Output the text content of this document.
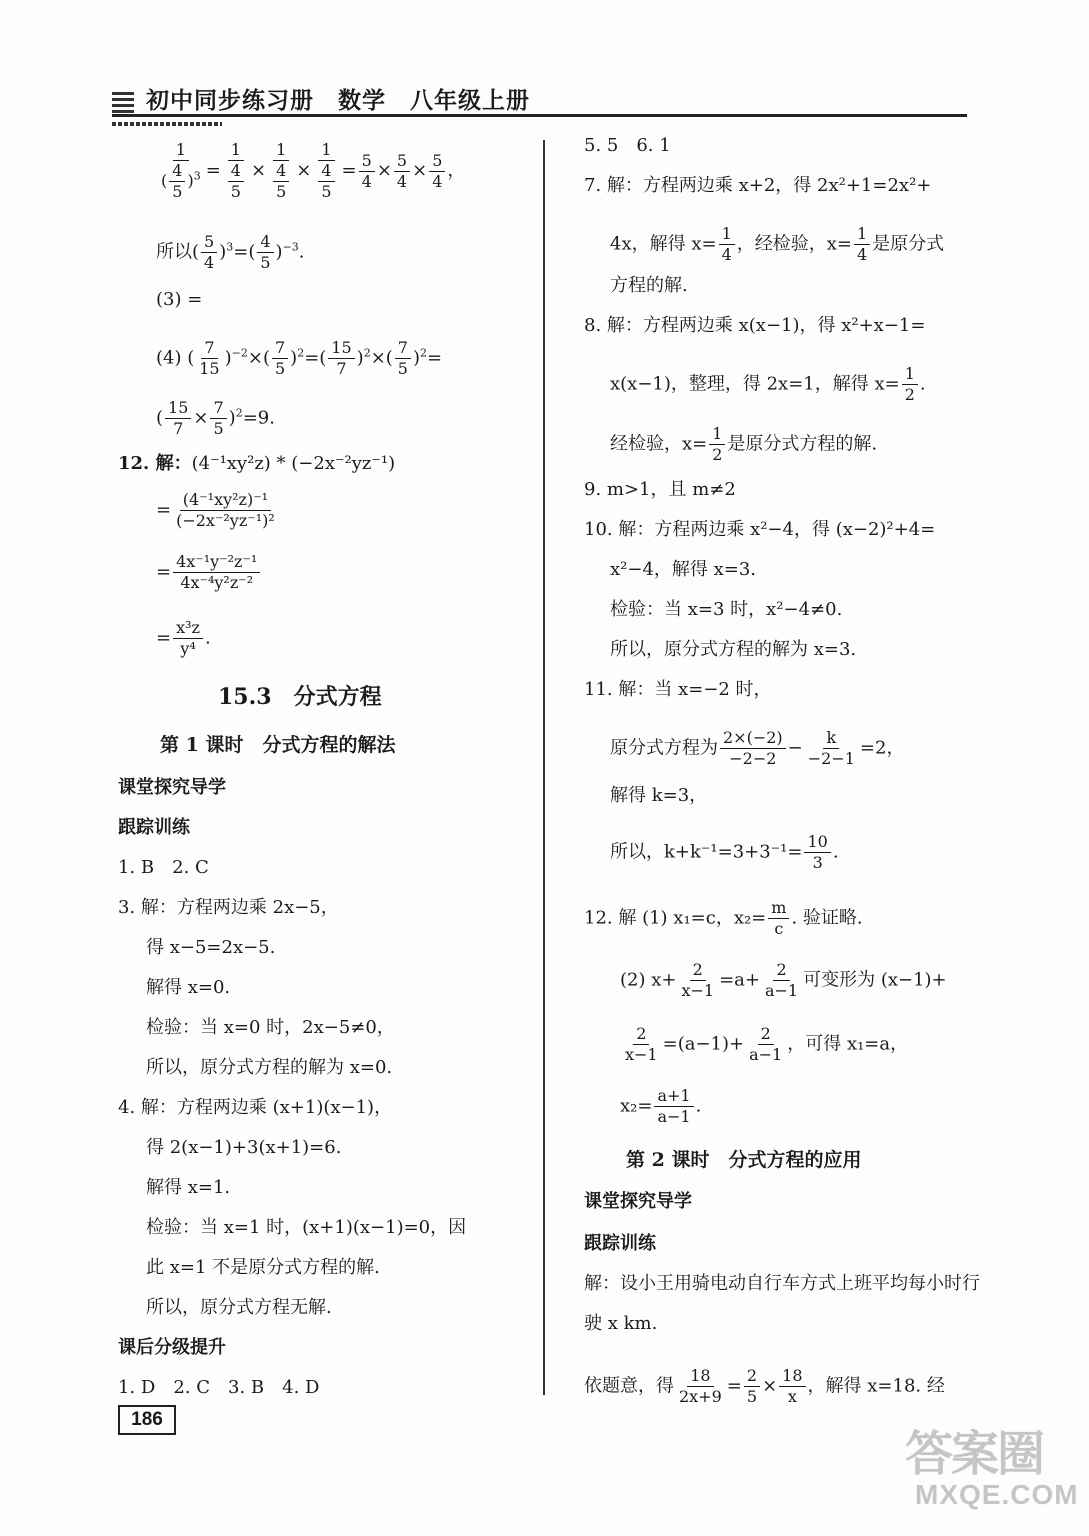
初中同步练习册　数学　八年级上册
$\frac{1}{( \frac{4}{5} )^3} = \frac{1}{\frac{4}{5}} \times \frac{1}{\frac{4}{5}} \times \frac{1}{\frac{4}{5}} = \frac{5}{4} \times \frac{5}{4} \times \frac{5}{4}$ ，
所以( $\frac{5}{4} )^3=( \frac{4}{5} )^{-3}$.
(3) =
(4) ( $\frac{7}{15} )^{-2}\times( \frac{7}{5} )^2=( \frac{15}{7} )^2\times( \frac{7}{5} )^2=$
( $\frac{15}{7} \times \frac{7}{5} )^2=9$.
12. 解：(4⁻¹xy²z) * (−2x⁻²yz⁻¹)
= $\frac{\text{(4⁻¹xy²z)⁻¹}}{\text{(−2x⁻²yz⁻¹)²}}$
= $\frac{\text{4x⁻¹y⁻²z⁻¹}}{\text{4x⁻⁴y²z⁻²}}$
= $\frac{\text{x³z}}{\text{y⁴}}$ .
15.3　分式方程
第 1 课时　分式方程的解法
课堂探究导学
跟踪训练
1. B　2. C
3. 解：方程两边乘 2x−5，
得 x−5=2x−5.
解得 x=0.
检验：当 x=0 时，2x−5≠0，
所以，原分式方程的解为 x=0.
4. 解：方程两边乘 (x+1)(x−1)，
得 2(x−1)+3(x+1)=6.
解得 x=1.
检验：当 x=1 时，(x+1)(x−1)=0，因
此 x=1 不是原分式方程的解.
所以，原分式方程无解.
课后分级提升
1. D　2. C　3. B　4. D
5. 5　6. 1
7. 解：方程两边乘 x+2，得 2x²+1=2x²+
4x，解得 $x= \frac{1}{4}$ ，经检验，$x= \frac{1}{4}$ 是原分式
方程的解.
8. 解：方程两边乘 x(x−1)，得 x²+x−1=
x(x−1)，整理，得 2x=1，解得 $x= \frac{1}{2}$ .
经检验，$x= \frac{1}{2}$ 是原分式方程的解.
9. m>1，且 m≠2
10. 解：方程两边乘 x²−4，得 (x−2)²+4=
x²−4，解得 x=3.
检验：当 x=3 时，x²−4≠0.
所以，原分式方程的解为 x=3.
11. 解：当 x=−2 时，
原分式方程为 $\frac{2\times(-2)}{-2-2} - \frac{k}{-2-1} =2$，
解得 k=3，
所以，$k+k^{-1}=3+3^{-1}= \frac{10}{3}$ .
12. 解 (1) x₁=c，$x_2= \frac{m}{c}$ . 验证略.
(2) $x+ \frac{2}{x-1} =a+ \frac{2}{a-1}$ 可变形为 (x−1)+
$\frac{2}{x-1} =(a-1)+ \frac{2}{a-1}$ ，可得 x₁=a，
$x_2= \frac{a+1}{a-1}$ .
第 2 课时　分式方程的应用
课堂探究导学
跟踪训练
解：设小王用骑电动自行车方式上班平均每小时行
驶 x km.
依题意，得 $\frac{18}{2x+9} = \frac{2}{5} \times \frac{18}{x}$ ，解得 x=18. 经
186
答案圈
MXQE.COM
